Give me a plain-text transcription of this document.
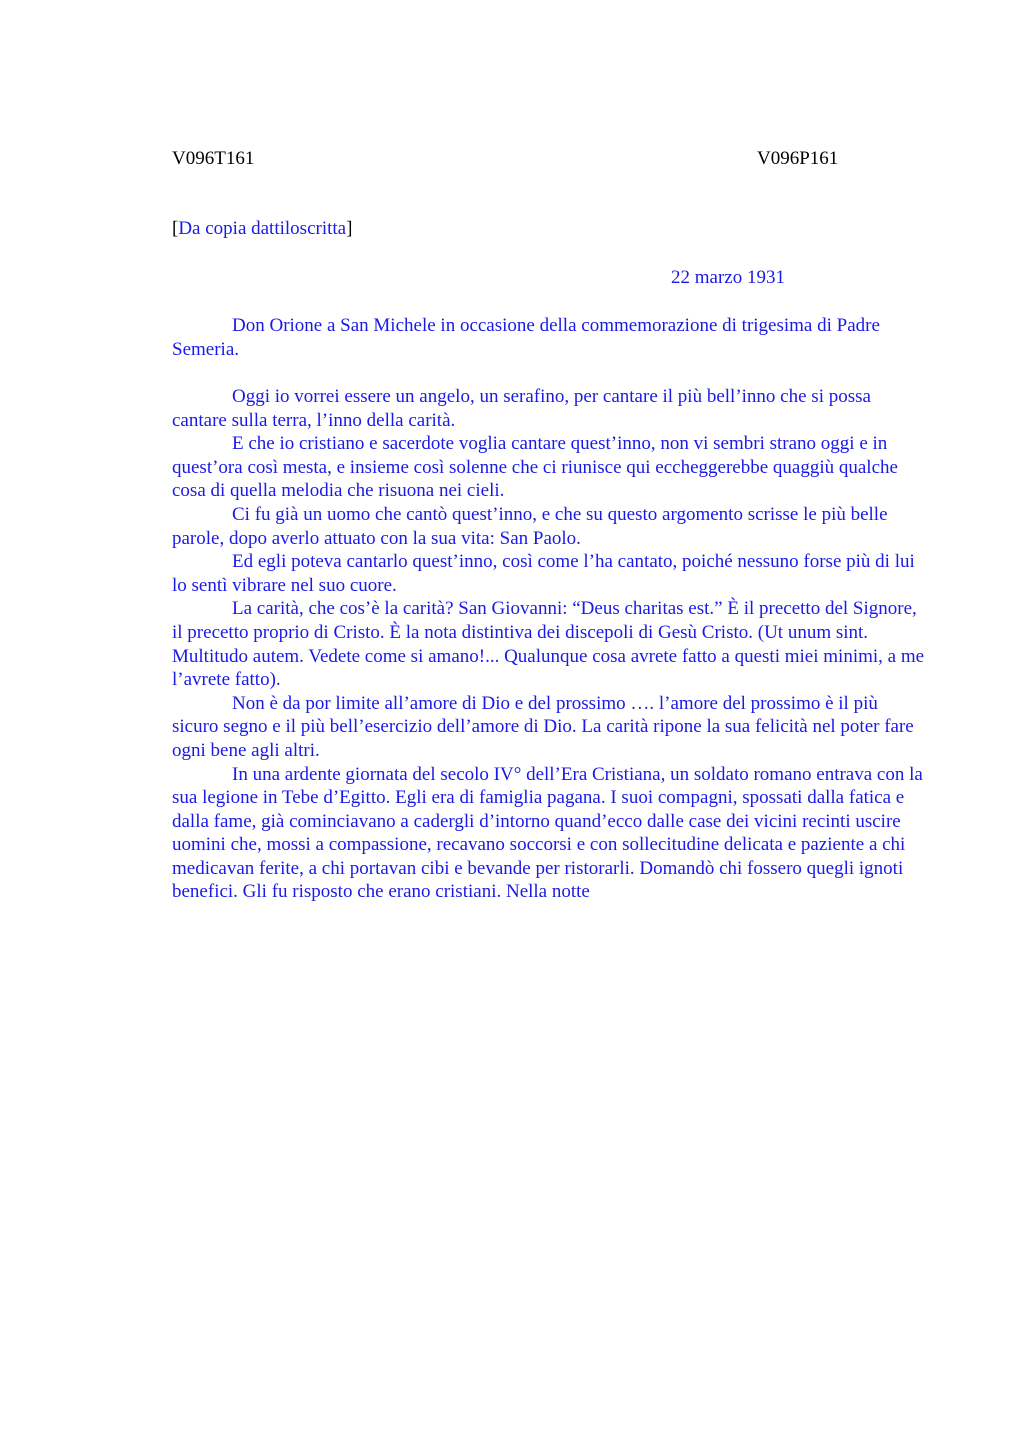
V096T161	V096P161
[Da copia dattiloscritta]
22 marzo 1931

Don Orione a San Michele in occasione della commemorazione di trigesima di Padre Semeria.

Oggi io vorrei essere un angelo, un serafino, per cantare il più bell’inno che si possa cantare sulla terra, l’inno della carità.

E che io cristiano e sacerdote voglia cantare quest’inno, non vi sembri strano oggi e in quest’ora così mesta, e insieme così solenne che ci riunisce qui eccheggerebbe quaggiù qualche cosa di quella melodia che risuona nei cieli.

Ci fu già un uomo che cantò quest’inno, e che su questo argomento scrisse le più belle parole, dopo averlo attuato con la sua vita: San Paolo.

Ed egli poteva cantarlo quest’inno, così come l’ha cantato, poiché nessuno forse più di lui lo sentì vibrare nel suo cuore.

La carità, che cos’è la carità? San Giovanni: “Deus charitas est.” È il precetto del Signore, il precetto proprio di Cristo. È la nota distintiva dei discepoli di Gesù Cristo. (Ut unum sint. Multitudo autem. Vedete come si amano!... Qualunque cosa avrete fatto a questi miei minimi, a me l’avrete fatto).

Non è da por limite all’amore di Dio e del prossimo …. l’amore del prossimo è il più sicuro segno e il più bell’esercizio dell’amore di Dio. La carità ripone la sua felicità nel poter fare ogni bene agli altri.

In una ardente giornata del secolo IV° dell’Era Cristiana, un soldato romano entrava con la sua legione in Tebe d’Egitto. Egli era di famiglia pagana. I suoi compagni, spossati dalla fatica e dalla fame, già cominciavano a cadergli d’intorno quand’ecco dalle case dei vicini recinti uscire uomini che, mossi a compassione, recavano soccorsi e con sollecitudine delicata e paziente a chi medicavan ferite, a chi portavan cibi e bevande per ristorarli. Domandò chi fossero quegli ignoti benefici. Gli fu risposto che erano cristiani. Nella notte
